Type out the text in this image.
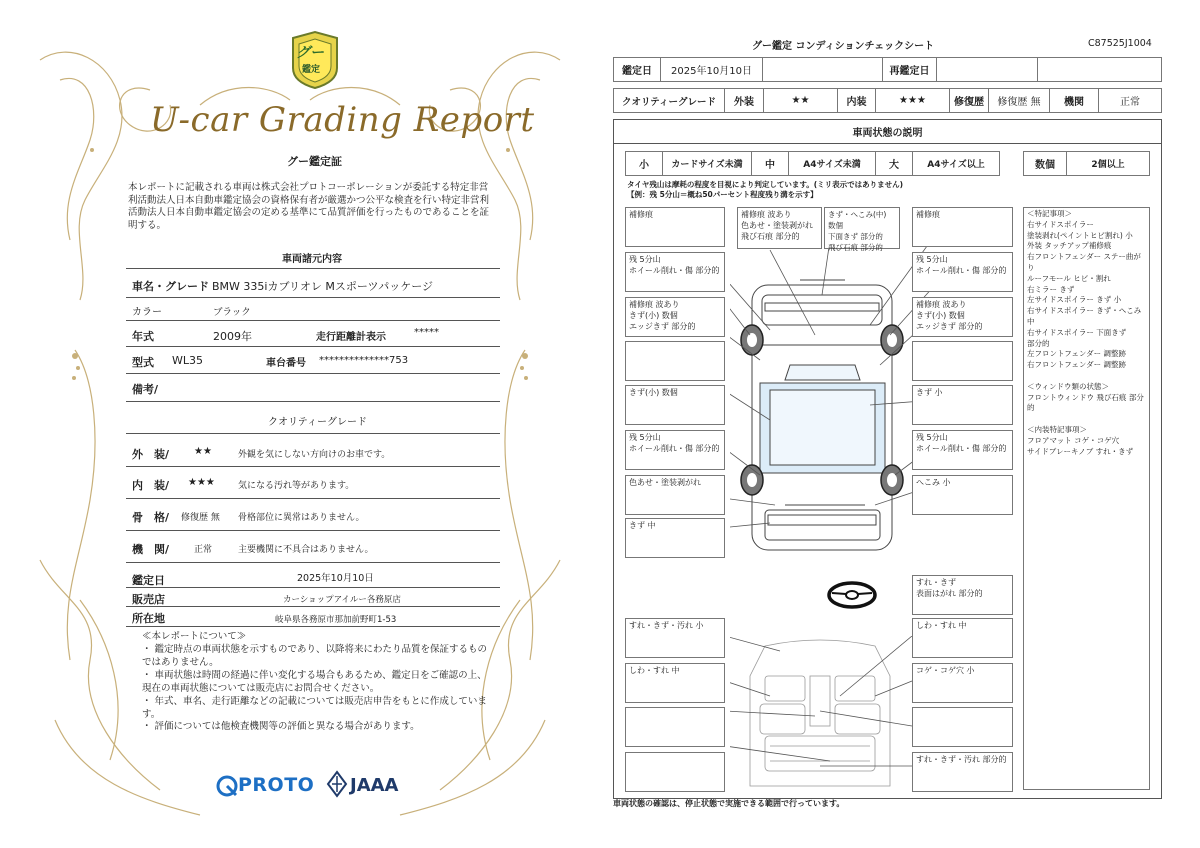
グー
鑑定
U-car Grading Report
グー鑑定証
本レポートに記載される車両は株式会社プロトコーポレーションが委託する特定非営利活動法人日本自動車鑑定協会の資格保有者が厳選かつ公平な検査を行い特定非営利活動法人日本自動車鑑定協会の定める基準にて品質評価を行ったものであることを証明する。
車両諸元内容
車名・グレード BMW 335iカブリオレ Mスポーツパッケージ
カラー	ブラック
年式	2009年	走行距離計表示	*****
型式 WL35	車台番号 **************753
備考/
クオリティーグレード
外　装/ ★★	外観を気にしない方向けのお車です。
内　装/ ★★★	気になる汚れ等があります。
骨　格/ 修復歴 無 骨格部位に異常はありません。
機　関/	正常	主要機関に不具合はありません。
鑑定日	2025年10月10日
販売店	カーショップアイルー各務原店
所在地	岐阜県各務原市那加前野町1-53
≪本レポートについて≫
・ 鑑定時点の車両状態を示すものであり、以降将来にわたり品質を保証するものではありません。
・ 車両状態は時間の経過に伴い変化する場合もあるため、鑑定日をご確認の上、現在の車両状態については販売店にお問合せください。
・ 年式、車名、走行距離などの記載については販売店申告をもとに作成しています。
・ 評価については他検査機関等の評価と異なる場合があります。
PROTO JAAA
グー鑑定 コンディションチェックシート	C87525J1004
鑑定日	2025年10月10日	再鑑定日
クオリティーグレード	外装	★★	内装	★★★	修復歴	修復歴 無	機関	正常
車両状態の説明
小	カードサイズ未満	中	A4サイズ未満	大	A4サイズ以上	数個	2個以上
タイヤ残山は摩耗の程度を目視により判定しています。(ミリ表示ではありません)
【例：残 5分山＝概ね50パーセント程度残り溝を示す】
補修痕
残 5分山
ホイール削れ・傷 部分的
補修痕 波あり
きず(小) 数個
エッジきず 部分的
きず(小) 数個
残 5分山
ホイール削れ・傷 部分的
色あせ・塗装剥がれ
きず 中
補修痕 波あり
色あせ・塗装剥がれ
飛び石痕 部分的
きず・へこみ(中) 数個
下面きず 部分的
飛び石痕 部分的
補修痕
残 5分山
ホイール削れ・傷 部分的
補修痕 波あり
きず(小) 数個
エッジきず 部分的
きず 小
残 5分山
ホイール削れ・傷 部分的
へこみ 小
＜特記事項＞
右サイドスポイラー
塗装剥れ(ペイントヒビ割れ) 小
外装 タッチアップ補修痕
右フロントフェンダー ステー曲がり
ルーフモール ヒビ・割れ
右ミラー きず
左サイドスポイラー きず 小
右サイドスポイラー きず・へこみ 中
右サイドスポイラー 下面きず
部分的
左フロントフェンダー 調整跡
右フロントフェンダー 調整跡

＜ウィンドウ類の状態＞
フロントウィンドウ 飛び石痕 部分的

＜内装特記事項＞
フロアマット コゲ・コゲ穴
サイドブレーキノブ すれ・きず
すれ・きず
表面はがれ 部分的
すれ・きず・汚れ 小
しわ・すれ 中
しわ・すれ 中
コゲ・コゲ穴 小
すれ・きず・汚れ 部分的
車両状態の確認は、停止状態で実施できる範囲で行っています。
